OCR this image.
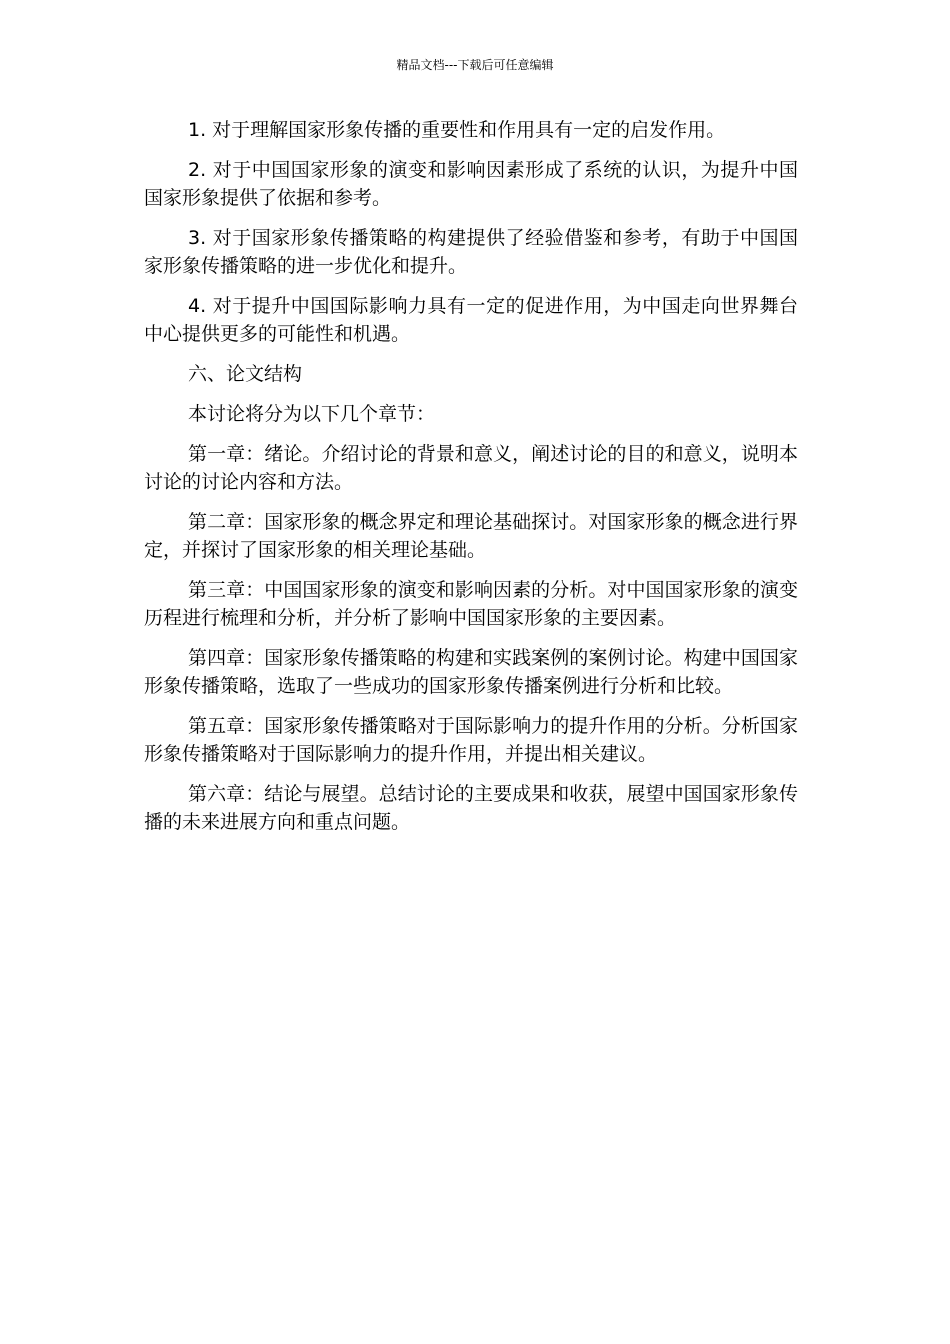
精品文档---下载后可任意编辑

1. 对于理解国家形象传播的重要性和作用具有一定的启发作用。

2. 对于中国国家形象的演变和影响因素形成了系统的认识，为提升中国国家形象提供了依据和参考。

3. 对于国家形象传播策略的构建提供了经验借鉴和参考，有助于中国国家形象传播策略的进一步优化和提升。

4. 对于提升中国国际影响力具有一定的促进作用，为中国走向世界舞台中心提供更多的可能性和机遇。

六、论文结构

本讨论将分为以下几个章节：

第一章：绪论。介绍讨论的背景和意义，阐述讨论的目的和意义，说明本讨论的讨论内容和方法。

第二章：国家形象的概念界定和理论基础探讨。对国家形象的概念进行界定，并探讨了国家形象的相关理论基础。

第三章：中国国家形象的演变和影响因素的分析。对中国国家形象的演变历程进行梳理和分析，并分析了影响中国国家形象的主要因素。

第四章：国家形象传播策略的构建和实践案例的案例讨论。构建中国国家形象传播策略，选取了一些成功的国家形象传播案例进行分析和比较。

第五章：国家形象传播策略对于国际影响力的提升作用的分析。分析国家形象传播策略对于国际影响力的提升作用，并提出相关建议。

第六章：结论与展望。总结讨论的主要成果和收获，展望中国国家形象传播的未来进展方向和重点问题。
